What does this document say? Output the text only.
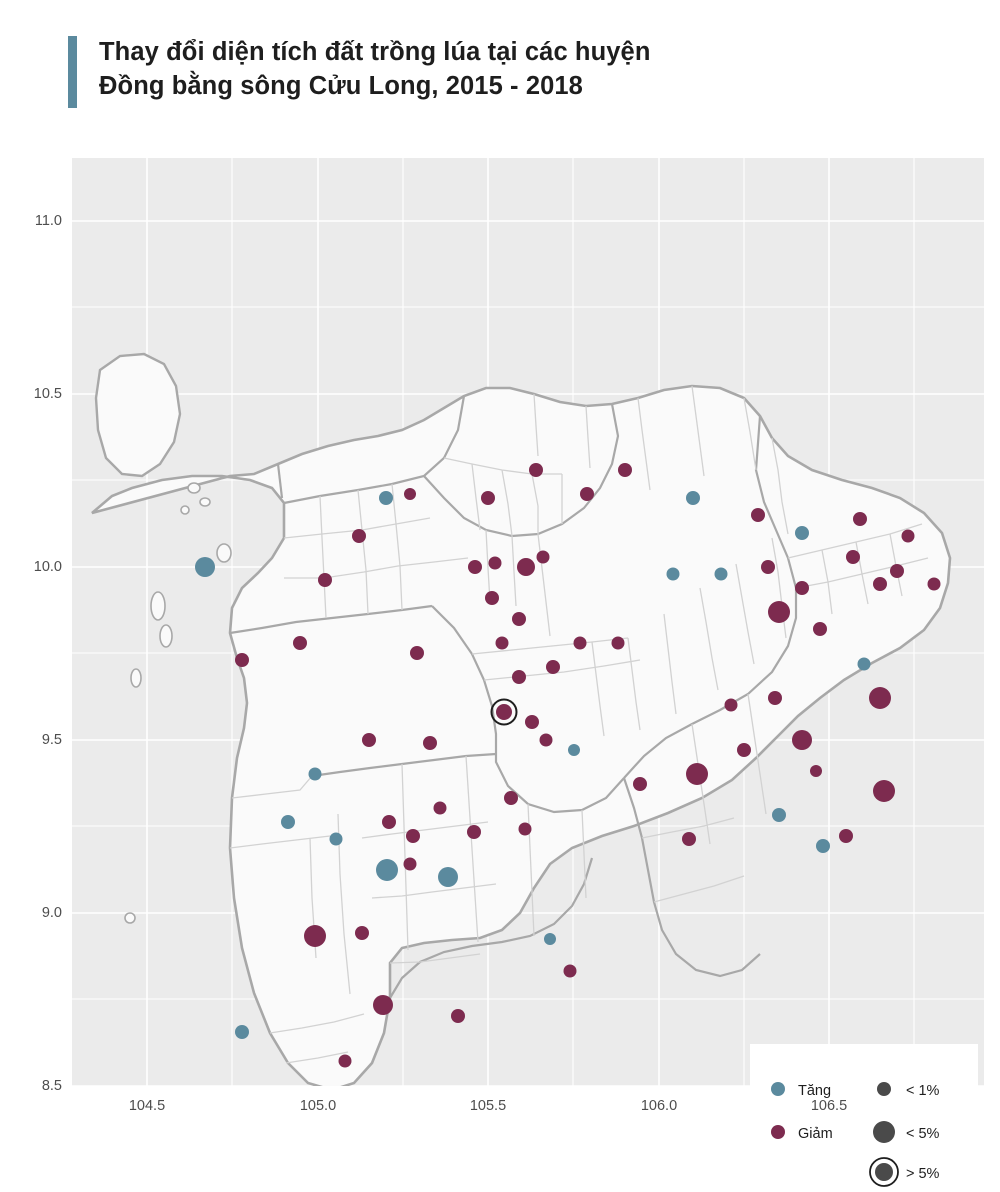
Thay đổi diện tích đất trồng lúa tại các huyện
Đồng bằng sông Cửu Long, 2015 - 2018
Tăng
Giảm
< 1%
< 5%
> 5%
8.5
9.0
9.5
10.0
10.5
11.0
104.5	105.0	105.5	106.0	106.5
